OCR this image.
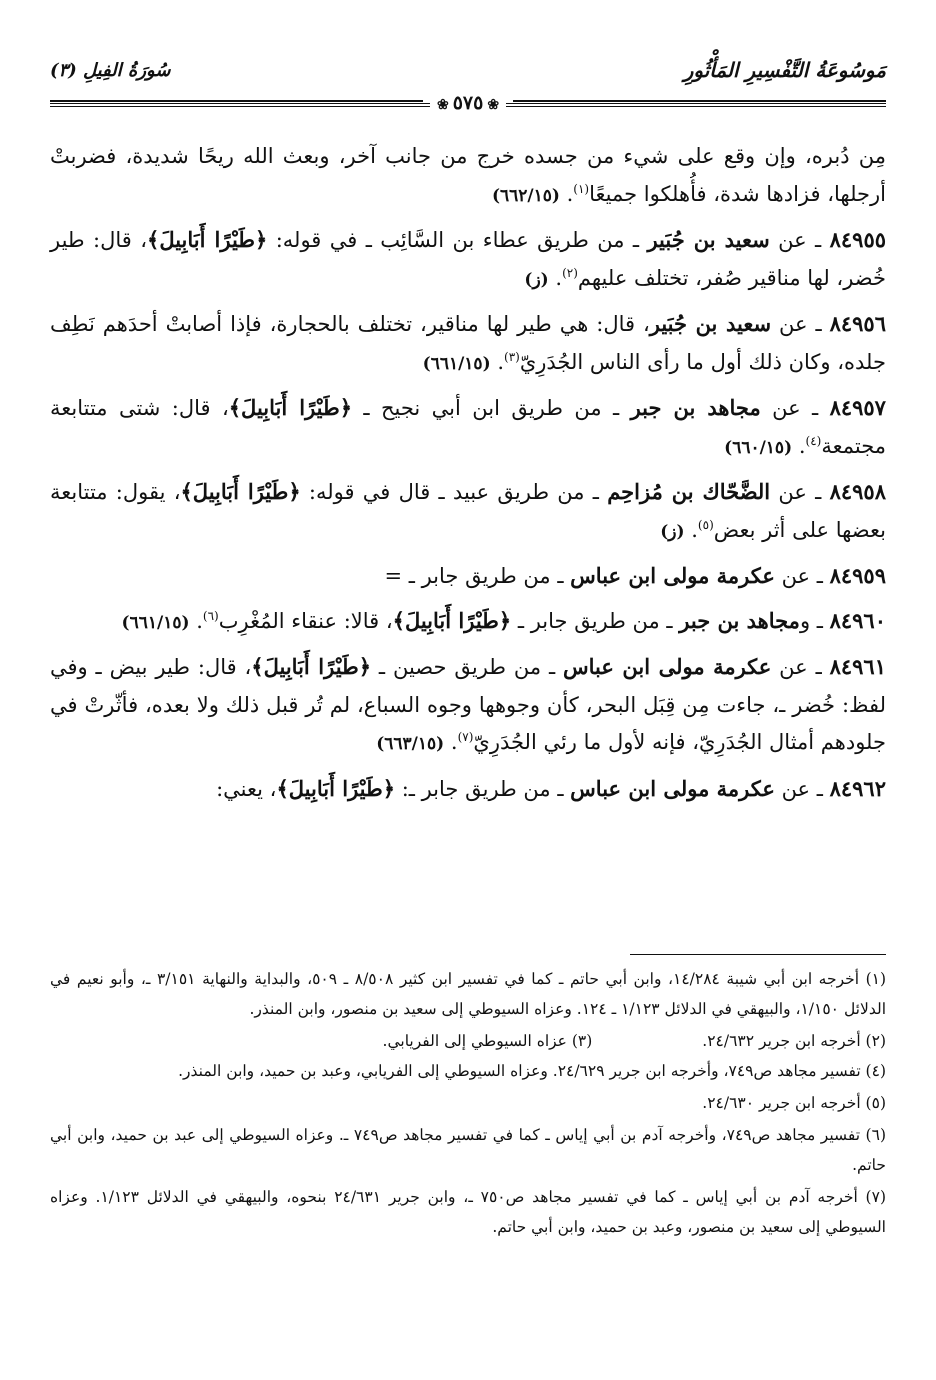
مَوسُوعَةُ التَّفْسِيرِ المَأْثُورِ
سُورَةُ الفِيلِ (٣)
❀٥٧٥❀

مِن دُبره، وإن وقع على شيء من جسده خرج من جانب آخر، وبعث الله ريحًا شديدة، فضربتْ أرجلها، فزادها شدة، فأُهلكوا جميعًا$^{(١)}$. (٦٦٢/١٥)

٨٤٩٥٥ ـ عن سعيد بن جُبَير ـ من طريق عطاء بن السَّائِب ـ في قوله: ﴿طَيْرًا أَبَابِيلَ﴾، قال: طير خُضر، لها مناقير صُفر، تختلف عليهم$^{(٢)}$. (ز)

٨٤٩٥٦ ـ عن سعيد بن جُبَير، قال: هي طير لها مناقير، تختلف بالحجارة، فإذا أصابتْ أحدَهم نَطِف جلده، وكان ذلك أول ما رأى الناس الجُدَرِيّ$^{(٣)}$. (٦٦١/١٥)

٨٤٩٥٧ ـ عن مجاهد بن جبر ـ من طريق ابن أبي نجيح ـ ﴿طَيْرًا أَبَابِيلَ﴾، قال: شتى متتابعة مجتمعة$^{(٤)}$. (٦٦٠/١٥)

٨٤٩٥٨ ـ عن الضَّحّاك بن مُزاحِم ـ من طريق عبيد ـ قال في قوله: ﴿طَيْرًا أَبَابِيلَ﴾، يقول: متتابعة بعضها على أثر بعض$^{(٥)}$. (ز)

٨٤٩٥٩ ـ عن عكرمة مولى ابن عباس ـ من طريق جابر ـ =

٨٤٩٦٠ ـ ومجاهد بن جبر ـ من طريق جابر ـ ﴿طَيْرًا أَبَابِيلَ﴾، قالا: عنقاء المُغْرِب$^{(٦)}$. (٦٦١/١٥)

٨٤٩٦١ ـ عن عكرمة مولى ابن عباس ـ من طريق حصين ـ ﴿طَيْرًا أَبَابِيلَ﴾، قال: طير بيض ـ وفي لفظ: خُضر ـ، جاءت مِن قِبَل البحر، كأن وجوهها وجوه السباع، لم تُر قبل ذلك ولا بعده، فأثّرتْ في جلودهم أمثال الجُدَرِيّ، فإنه لأول ما رئي الجُدَرِيّ$^{(٧)}$. (٦٦٣/١٥)

٨٤٩٦٢ ـ عن عكرمة مولى ابن عباس ـ من طريق جابر ـ: ﴿طَيْرًا أَبَابِيلَ﴾، يعني:

(١) أخرجه ابن أبي شيبة ١٤/٢٨٤، وابن أبي حاتم ـ كما في تفسير ابن كثير ٨/٥٠٨ ـ ٥٠٩، والبداية والنهاية ٣/١٥١ ـ، وأبو نعيم في الدلائل ١/١٥٠، والبيهقي في الدلائل ١/١٢٣ ـ ١٢٤. وعزاه السيوطي إلى سعيد بن منصور، وابن المنذر.

(٢) أخرجه ابن جرير ٢٤/٦٣٢.
(٣) عزاه السيوطي إلى الفريابي.

(٤) تفسير مجاهد ص٧٤٩، وأخرجه ابن جرير ٢٤/٦٢٩. وعزاه السيوطي إلى الفريابي، وعبد بن حميد، وابن المنذر.

(٥) أخرجه ابن جرير ٢٤/٦٣٠.

(٦) تفسير مجاهد ص٧٤٩، وأخرجه آدم بن أبي إياس ـ كما في تفسير مجاهد ص٧٤٩ ـ. وعزاه السيوطي إلى عبد بن حميد، وابن أبي حاتم.

(٧) أخرجه آدم بن أبي إياس ـ كما في تفسير مجاهد ص٧٥٠ ـ، وابن جرير ٢٤/٦٣١ بنحوه، والبيهقي في الدلائل ١/١٢٣. وعزاه السيوطي إلى سعيد بن منصور، وعبد بن حميد، وابن أبي حاتم.
